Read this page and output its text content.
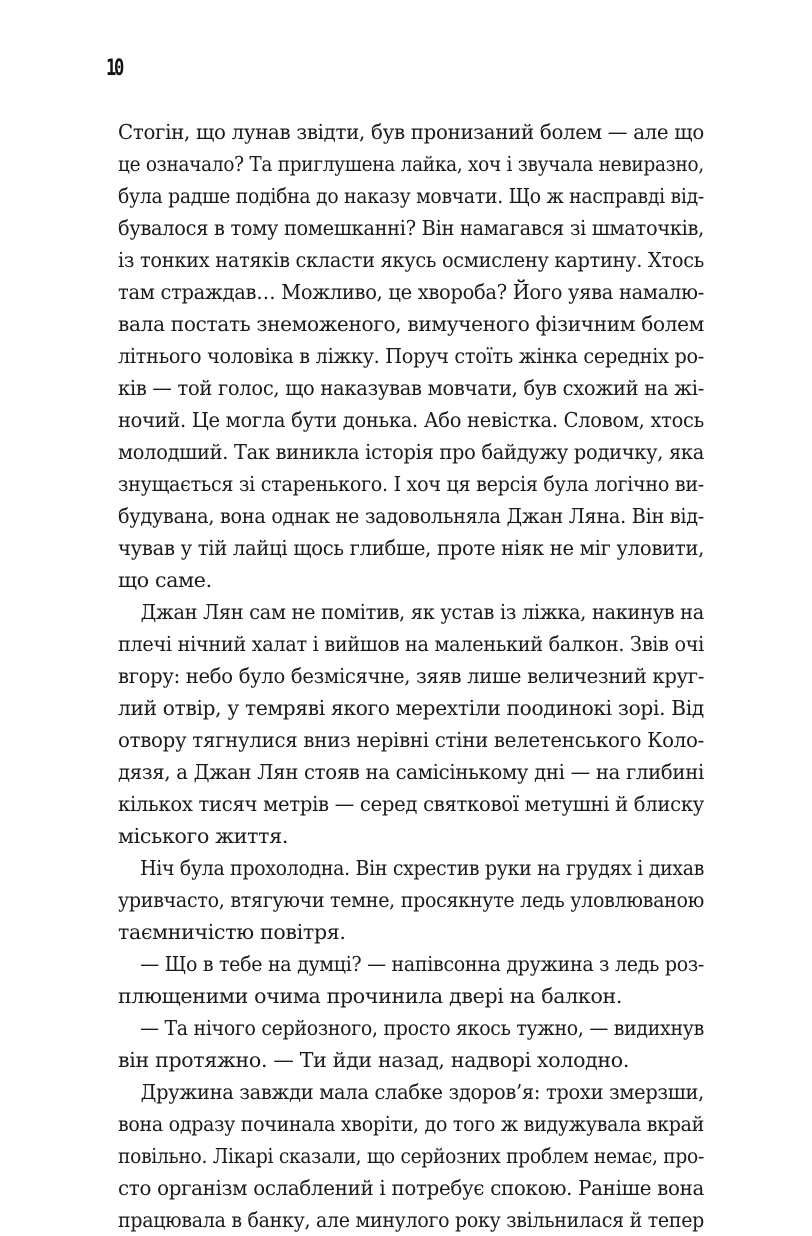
10
Стогін, що лунав звідти, був пронизаний болем — але що
це означало? Та приглушена лайка, хоч і звучала невиразно,
була радше подібна до наказу мовчати. Що ж насправді від-
бувалося в тому помешканні? Він намагався зі шматочків,
із тонких натяків скласти якусь осмислену картину. Хтось
там страждав… Можливо, це хвороба? Його уява намалю-
вала постать знеможеного, вимученого фізичним болем
літнього чоловіка в ліжку. Поруч стоїть жінка середніх ро-
ків — той голос, що наказував мовчати, був схожий на жі-
ночий. Це могла бути донька. Або невістка. Словом, хтось
молодший. Так виникла історія про байдужу родичку, яка
знущається зі старенького. І хоч ця версія була логічно ви-
будувана, вона однак не задовольняла Джан Ляна. Він від-
чував у тій лайці щось глибше, проте ніяк не міг уловити,
що саме.
Джан Лян сам не помітив, як устав із ліжка, накинув на
плечі нічний халат і вийшов на маленький балкон. Звів очі
вгору: небо було безмісячне, зяяв лише величезний круг-
лий отвір, у темряві якого мерехтіли поодинокі зорі. Від
отвору тягнулися вниз нерівні стіни велетенського Коло-
дязя, а Джан Лян стояв на самісінькому дні — на глибині
кількох тисяч метрів — серед святкової метушні й блиску
міського життя.
Ніч була прохолодна. Він схрестив руки на грудях і дихав
уривчасто, втягуючи темне, просякнуте ледь уловлюваною
таємничістю повітря.
— Що в тебе на думці? — напівсонна дружина з ледь роз-
плющеними очима прочинила двері на балкон.
— Та нічого серйозного, просто якось тужно, — видихнув
він протяжно. — Ти йди назад, надворі холодно.
Дружина завжди мала слабке здоров’я: трохи змерзши,
вона одразу починала хворіти, до того ж видужувала вкрай
повільно. Лікарі сказали, що серйозних проблем немає, про-
сто організм ослаблений і потребує спокою. Раніше вона
працювала в банку, але минулого року звільнилася й тепер
